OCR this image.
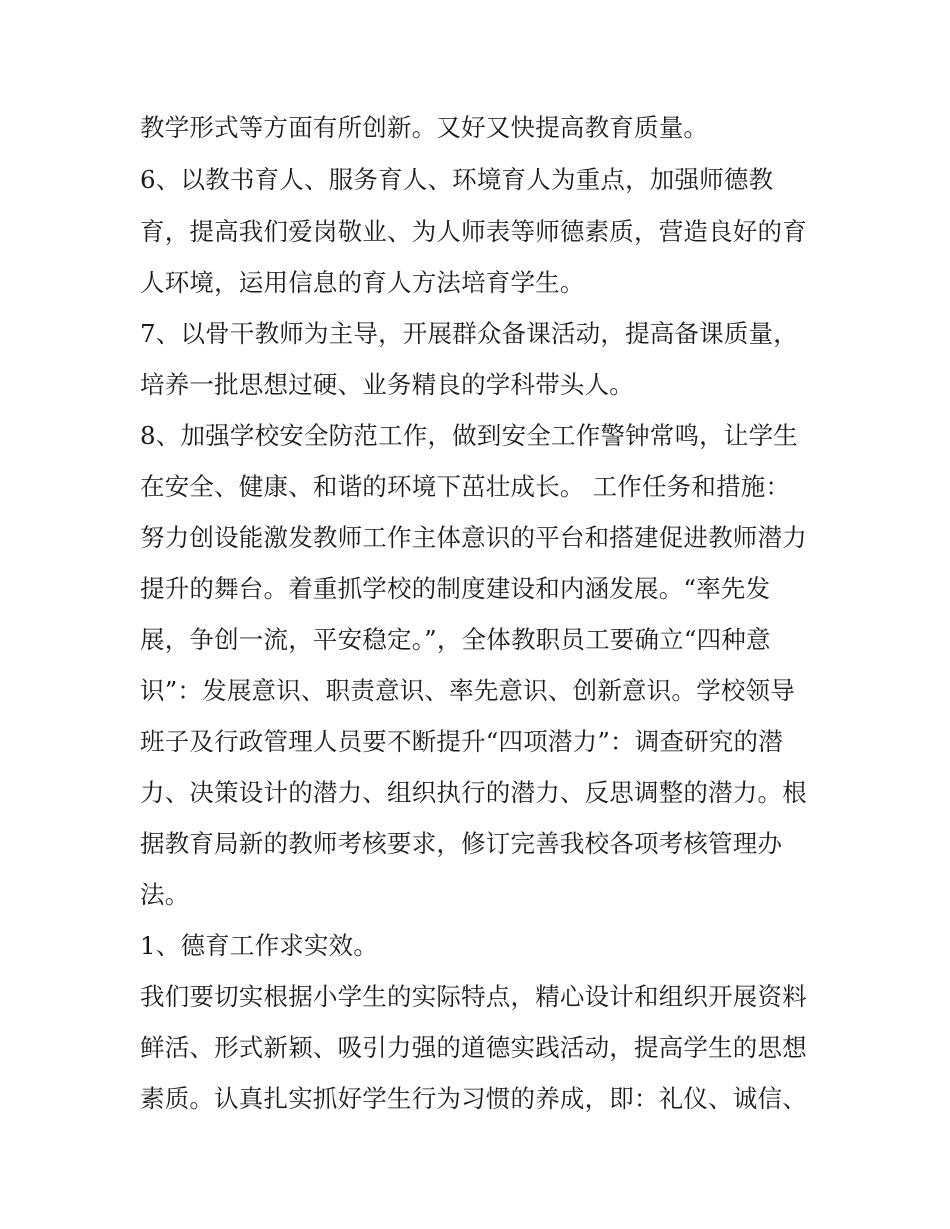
教学形式等方面有所创新。又好又快提高教育质量。
6、以教书育人、服务育人、环境育人为重点，加强师德教
育，提高我们爱岗敬业、为人师表等师德素质，营造良好的育
人环境，运用信息的育人方法培育学生。
7、以骨干教师为主导，开展群众备课活动，提高备课质量，
培养一批思想过硬、业务精良的学科带头人。
8、加强学校安全防范工作，做到安全工作警钟常鸣，让学生
在安全、健康、和谐的环境下茁壮成长。 工作任务和措施：
努力创设能激发教师工作主体意识的平台和搭建促进教师潜力
提升的舞台。着重抓学校的制度建设和内涵发展。“率先发
展，争创一流，平安稳定。”，全体教职员工要确立“四种意
识”：发展意识、职责意识、率先意识、创新意识。学校领导
班子及行政管理人员要不断提升“四项潜力”：调查研究的潜
力、决策设计的潜力、组织执行的潜力、反思调整的潜力。根
据教育局新的教师考核要求，修订完善我校各项考核管理办
法。
1、德育工作求实效。
我们要切实根据小学生的实际特点，精心设计和组织开展资料
鲜活、形式新颖、吸引力强的道德实践活动，提高学生的思想
素质。认真扎实抓好学生行为习惯的养成，即：礼仪、诚信、
